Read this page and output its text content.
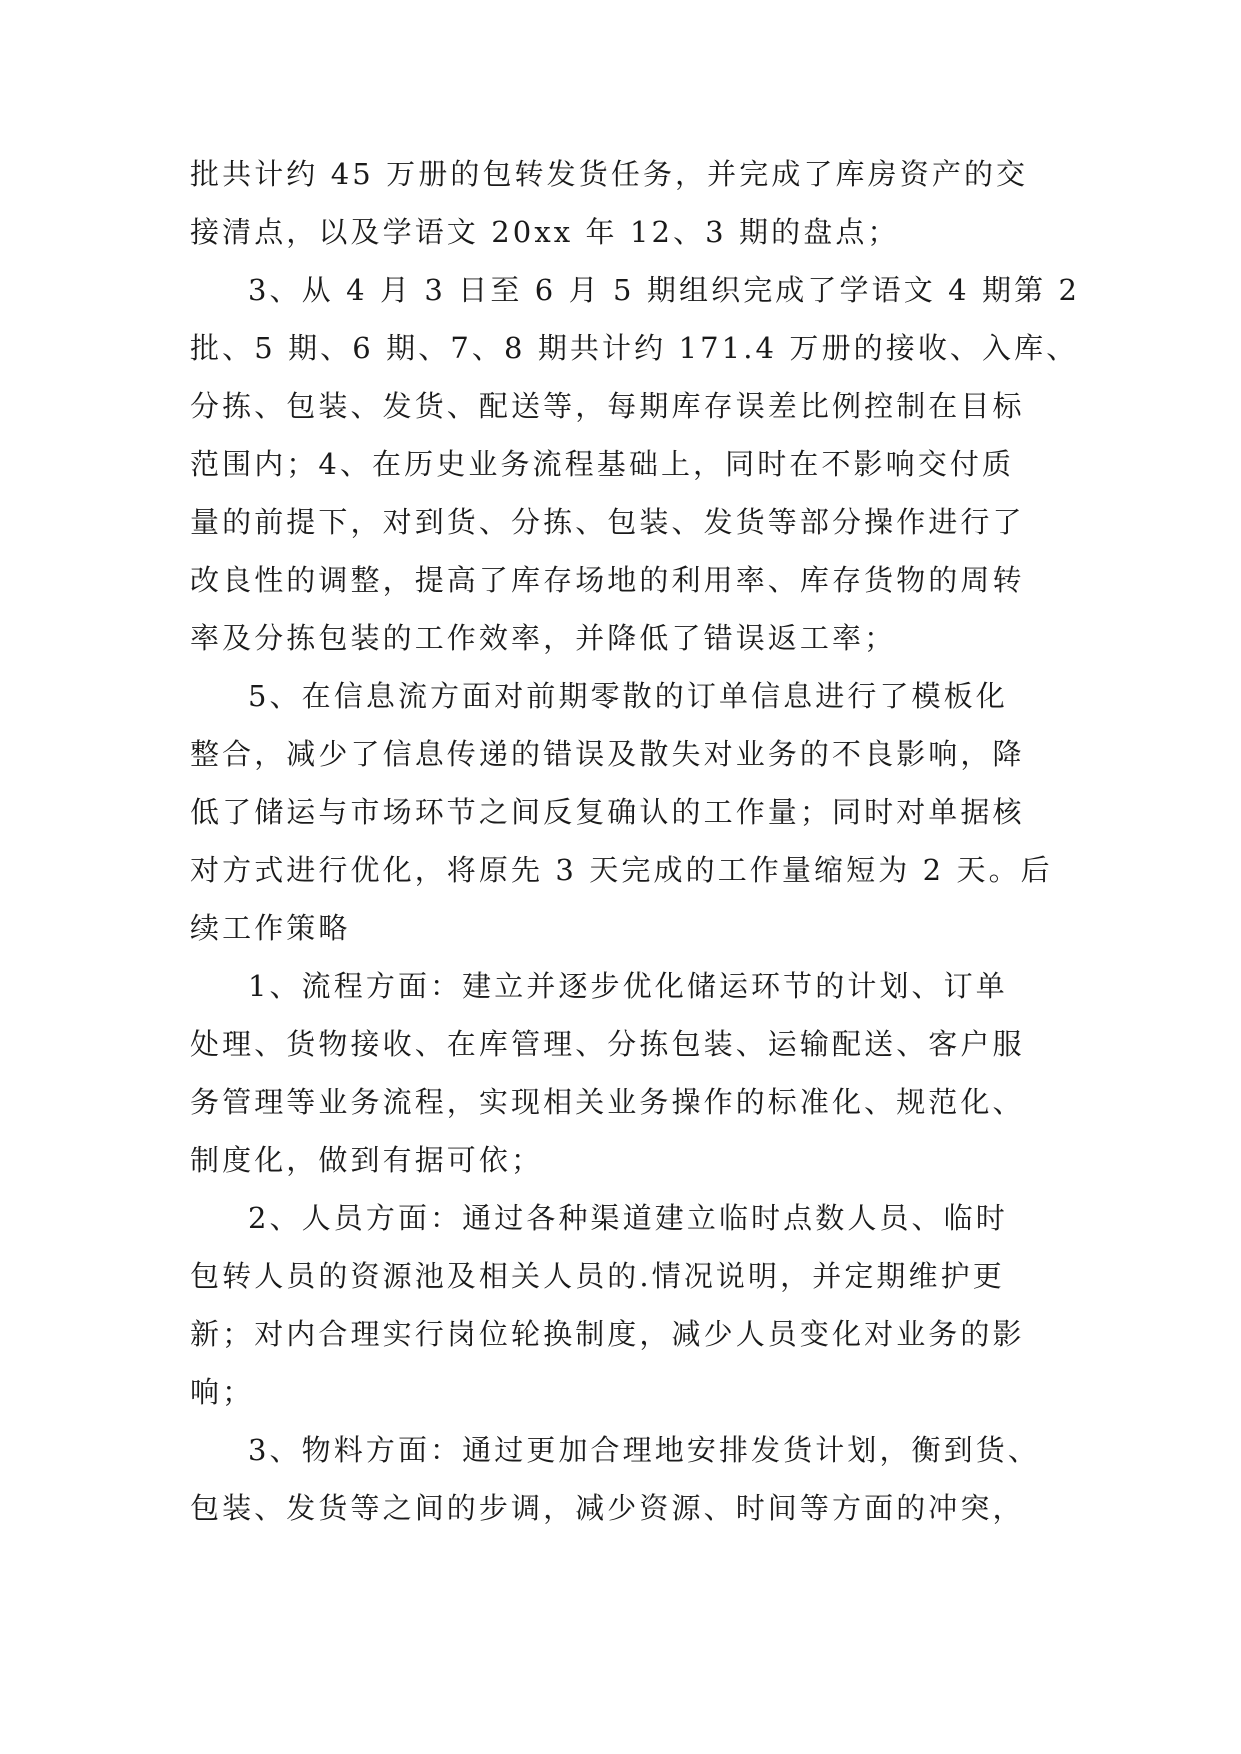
批共计约 45 万册的包转发货任务，并完成了库房资产的交
接清点，以及学语文 20xx 年 12、3 期的盘点；
3、从 4 月 3 日至 6 月 5 期组织完成了学语文 4 期第 2
批、5 期、6 期、7、8 期共计约 171.4 万册的接收、入库、
分拣、包装、发货、配送等，每期库存误差比例控制在目标
范围内；4、在历史业务流程基础上，同时在不影响交付质
量的前提下，对到货、分拣、包装、发货等部分操作进行了
改良性的调整，提高了库存场地的利用率、库存货物的周转
率及分拣包装的工作效率，并降低了错误返工率；
5、在信息流方面对前期零散的订单信息进行了模板化
整合，减少了信息传递的错误及散失对业务的不良影响，降
低了储运与市场环节之间反复确认的工作量；同时对单据核
对方式进行优化，将原先 3 天完成的工作量缩短为 2 天。后
续工作策略
1、流程方面：建立并逐步优化储运环节的计划、订单
处理、货物接收、在库管理、分拣包装、运输配送、客户服
务管理等业务流程，实现相关业务操作的标准化、规范化、
制度化，做到有据可依；
2、人员方面：通过各种渠道建立临时点数人员、临时
包转人员的资源池及相关人员的.情况说明，并定期维护更
新；对内合理实行岗位轮换制度，减少人员变化对业务的影
响；
3、物料方面：通过更加合理地安排发货计划，衡到货、
包装、发货等之间的步调，减少资源、时间等方面的冲突，
